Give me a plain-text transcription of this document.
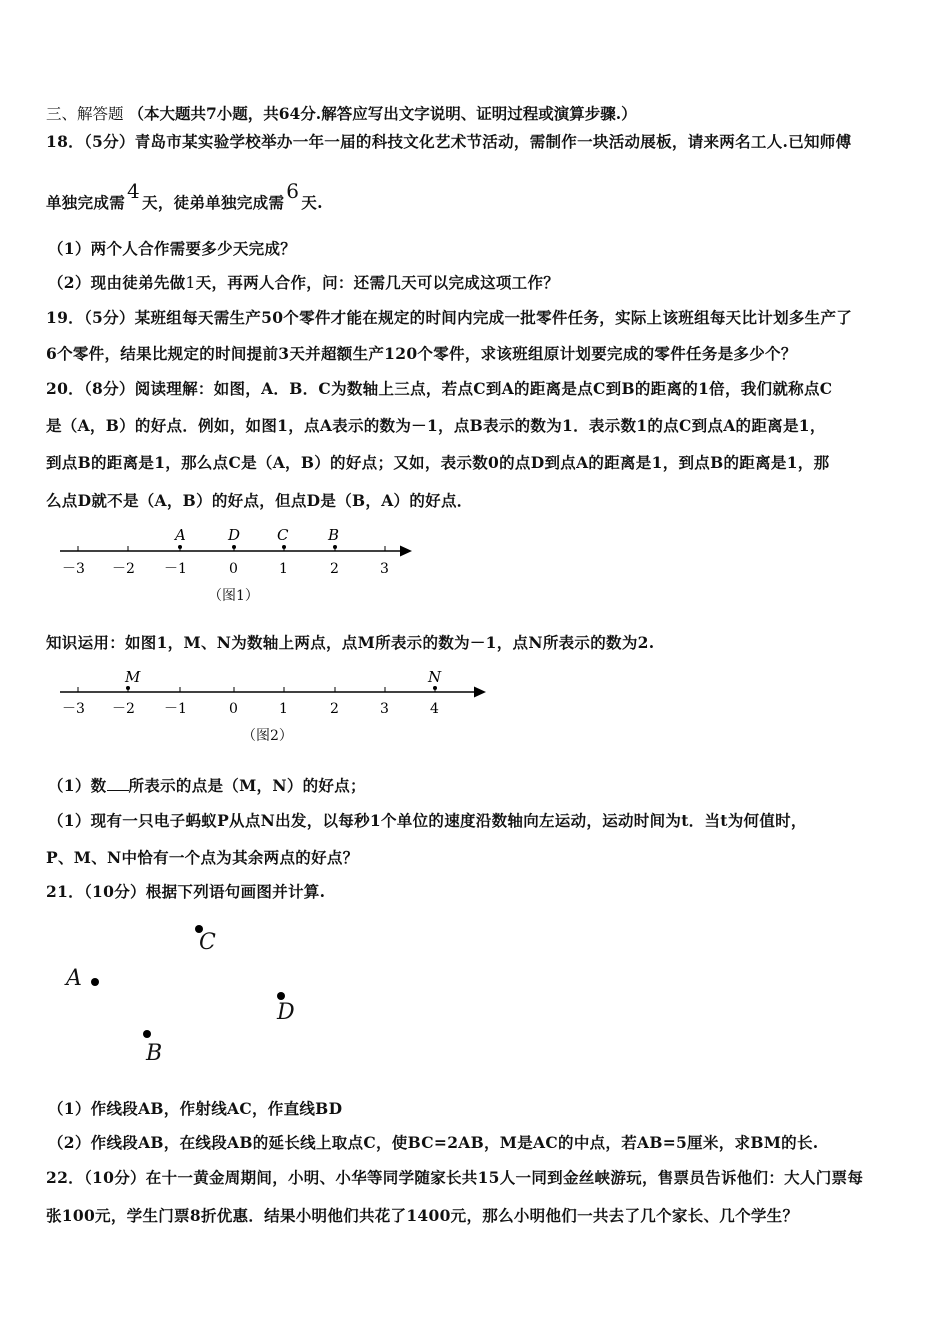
三、解答题 （本大题共7小题，共64分.解答应写出文字说明、证明过程或演算步骤.）
18．（5分）青岛市某实验学校举办一年一届的科技文化艺术节活动，需制作一块活动展板，请来两名工人.已知师傅
单独完成需 4 天，徒弟单独完成需 6 天.
（1）两个人合作需要多少天完成？
（2）现由徒弟先做1天，再两人合作，问：还需几天可以完成这项工作？
19．（5分）某班组每天需生产50个零件才能在规定的时间内完成一批零件任务，实际上该班组每天比计划多生产了
6个零件，结果比规定的时间提前3天并超额生产120个零件，求该班组原计划要完成的零件任务是多少个？
20．（8分）阅读理解：如图，A．B．C为数轴上三点，若点C到A的距离是点C到B的距离的1倍，我们就称点C
是（A，B）的好点．例如，如图1，点A表示的数为－1，点B表示的数为1．表示数1的点C到点A的距离是1，
到点B的距离是1，那么点C是（A，B）的好点；又如，表示数0的点D到点A的距离是1，到点B的距离是1，那
么点D就不是（A，B）的好点，但点D是（B，A）的好点．
－3 －2 －1	0	1	2	3
A	D C	B
－3 －2 －1	0	1	2	3	4
M	N
（图1）
知识运用：如图1，M、N为数轴上两点，点M所表示的数为－1，点N所表示的数为2.
（图2）
（1）数 所表示的点是（M，N）的好点；
（1）现有一只电子蚂蚁P从点N出发，以每秒1个单位的速度沿数轴向左运动，运动时间为t．当t为何值时，
P、M、N中恰有一个点为其余两点的好点？
21．（10分）根据下列语句画图并计算.
C
A
D
B
（1）作线段AB，作射线AC，作直线BD
（2）作线段AB，在线段AB的延长线上取点C，使BC=2AB，M是AC的中点，若AB=5厘米，求BM的长.
22．（10分）在十一黄金周期间，小明、小华等同学随家长共15人一同到金丝峡游玩，售票员告诉他们：大人门票每
张100元，学生门票8折优惠．结果小明他们共花了1400元，那么小明他们一共去了几个家长、几个学生？
